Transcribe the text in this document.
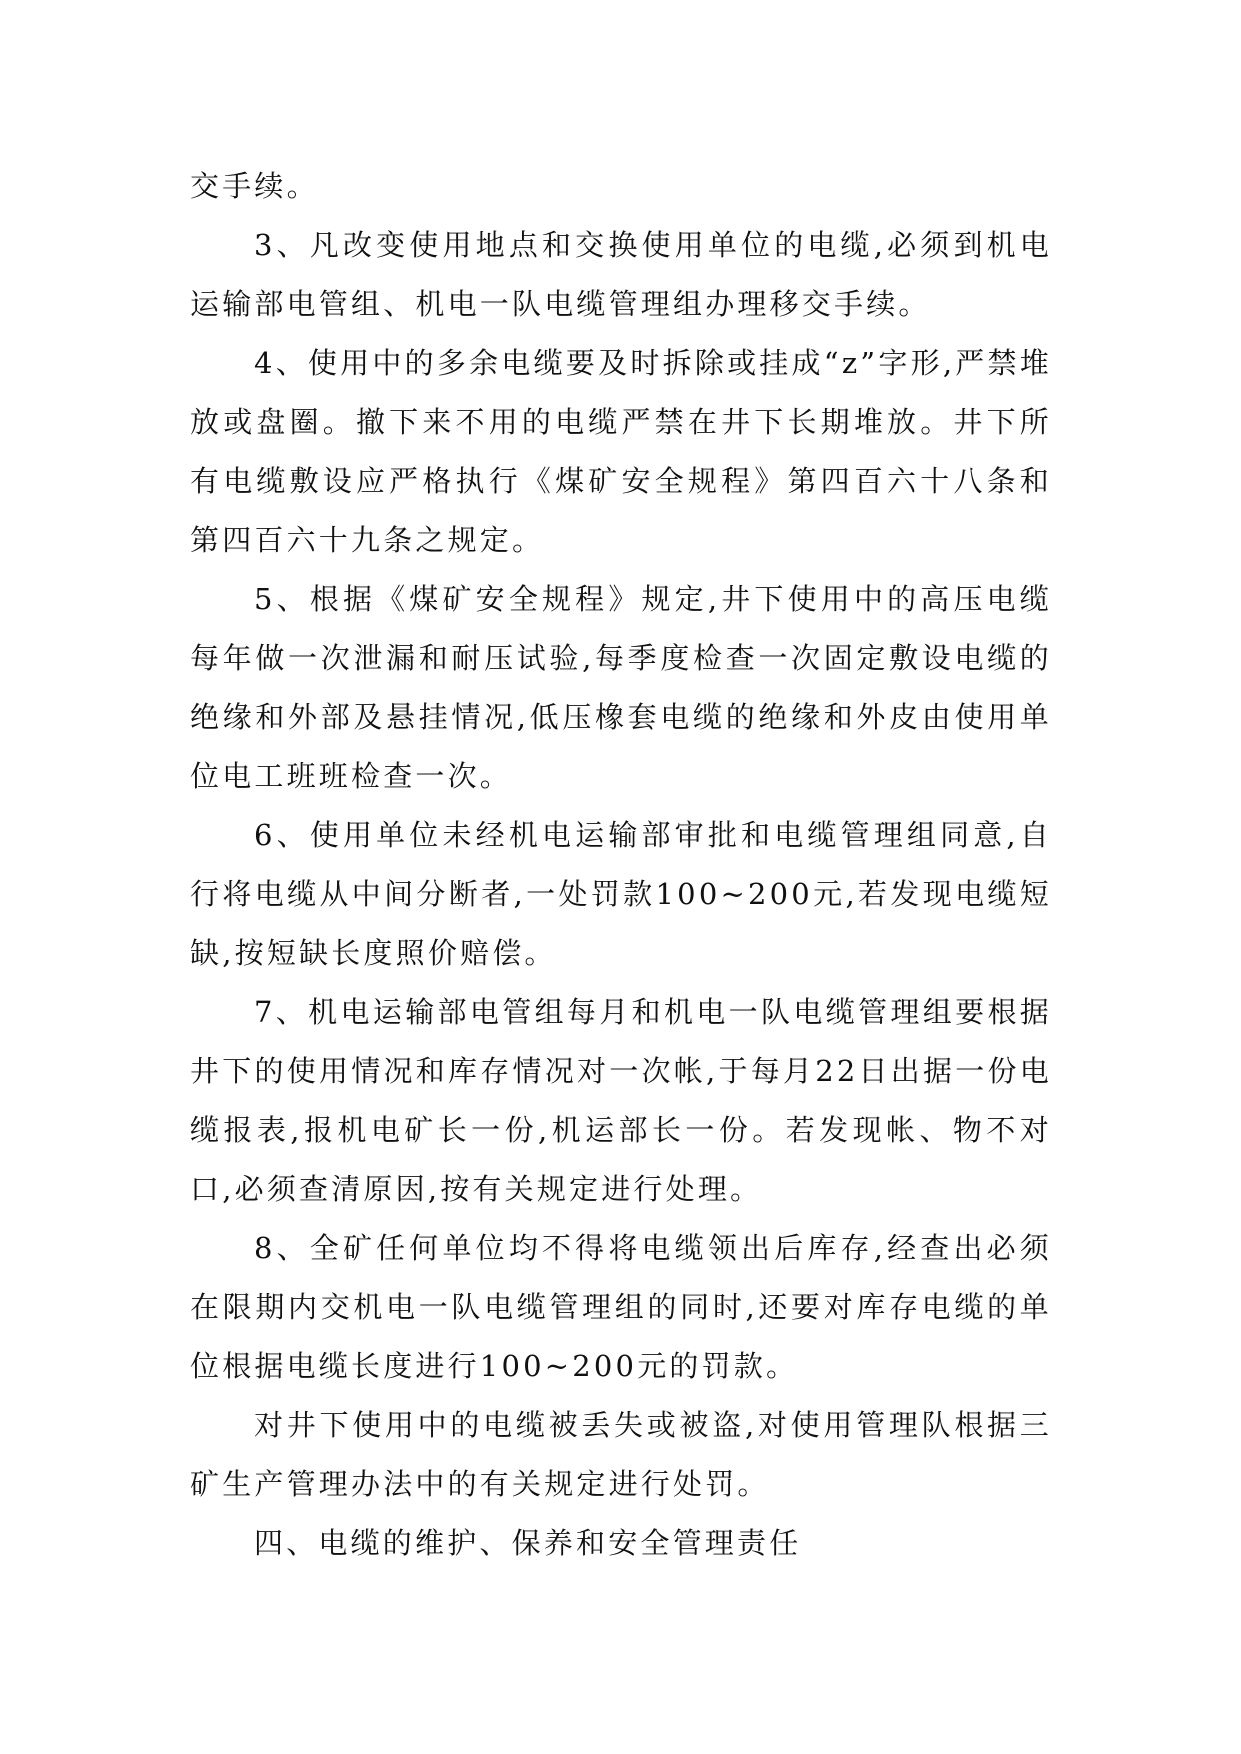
交手续。

3、凡改变使用地点和交换使用单位的电缆,必须到机电运输部电管组、机电一队电缆管理组办理移交手续。

4、使用中的多余电缆要及时拆除或挂成“z”字形,严禁堆放或盘圈。撤下来不用的电缆严禁在井下长期堆放。井下所有电缆敷设应严格执行《煤矿安全规程》第四百六十八条和第四百六十九条之规定。

5、根据《煤矿安全规程》规定,井下使用中的高压电缆每年做一次泄漏和耐压试验,每季度检查一次固定敷设电缆的绝缘和外部及悬挂情况,低压橡套电缆的绝缘和外皮由使用单位电工班班检查一次。

6、使用单位未经机电运输部审批和电缆管理组同意,自行将电缆从中间分断者,一处罚款100~200元,若发现电缆短缺,按短缺长度照价赔偿。

7、机电运输部电管组每月和机电一队电缆管理组要根据井下的使用情况和库存情况对一次帐,于每月22日出据一份电缆报表,报机电矿长一份,机运部长一份。若发现帐、物不对口,必须查清原因,按有关规定进行处理。

8、全矿任何单位均不得将电缆领出后库存,经查出必须在限期内交机电一队电缆管理组的同时,还要对库存电缆的单位根据电缆长度进行100~200元的罚款。

对井下使用中的电缆被丢失或被盗,对使用管理队根据三矿生产管理办法中的有关规定进行处罚。

四、电缆的维护、保养和安全管理责任
